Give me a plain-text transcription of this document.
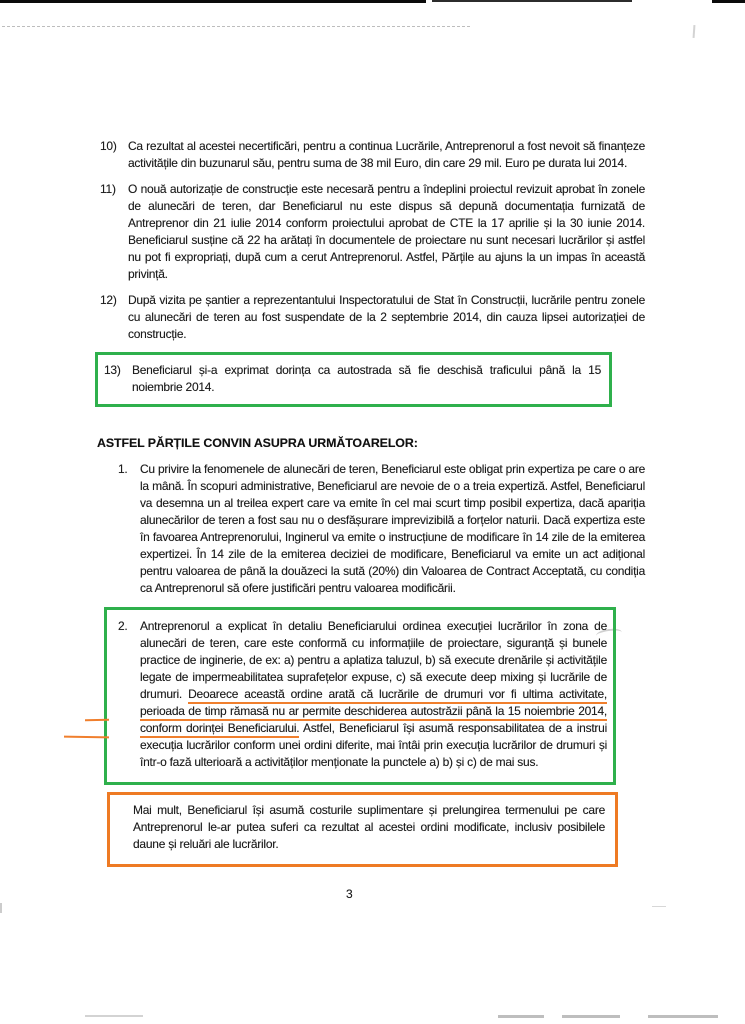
10) Ca rezultat al acestei necertificări, pentru a continua Lucrările, Antreprenorul a fost nevoit să finanțeze activitățile din buzunarul său, pentru suma de 38 mil Euro, din care 29 mil. Euro pe durata lui 2014.
11)	O nouă autorizație de construcție este necesară pentru a îndeplini proiectul revizuit aprobat în zonele de alunecări de teren, dar Beneficiarul nu este dispus să depună documentația furnizată de Antreprenor din 21 iulie 2014 conform proiectului aprobat de CTE la 17 aprilie și la 30 iunie 2014. Beneficiarul susține că 22 ha arătați în documentele de proiectare nu sunt necesari lucrărilor și astfel nu pot fi expropriați, după cum a cerut Antreprenorul. Astfel, Părțile au ajuns la un impas în această privință.
12) După vizita pe șantier a reprezentantului Inspectoratului de Stat în Construcții, lucrările pentru zonele cu alunecări de teren au fost suspendate de la 2 septembrie 2014, din cauza lipsei autorizației de construcție.
13) Beneficiarul și-a exprimat dorința ca autostrada să fie deschisă traficului până la 15 noiembrie 2014.
ASTFEL PĂRȚILE CONVIN ASUPRA URMĂTOARELOR:
1.	Cu privire la fenomenele de alunecări de teren, Beneficiarul este obligat prin expertiza pe care o are la mână. În scopuri administrative, Beneficiarul are nevoie de o a treia expertiză. Astfel, Beneficiarul va desemna un al treilea expert care va emite în cel mai scurt timp posibil expertiza, dacă apariția alunecărilor de teren a fost sau nu o desfășurare imprevizibilă a forțelor naturii. Dacă expertiza este în favoarea Antreprenorului, Inginerul va emite o instrucțiune de modificare în 14 zile de la emiterea expertizei. În 14 zile de la emiterea deciziei de modificare, Beneficiarul va emite un act adițional pentru valoarea de până la douăzeci la sută (20%) din Valoarea de Contract Acceptată, cu condiția ca Antreprenorul să ofere justificări pentru valoarea modificării.
2.	Antreprenorul a explicat în detaliu Beneficiarului ordinea execuției lucrărilor în zona de alunecări de teren, care este conformă cu informațiile de proiectare, siguranță și bunele practice de inginerie, de ex: a) pentru a aplatiza taluzul, b) să execute drenările și activitățile legate de impermeabilitatea suprafețelor expuse, c) să execute deep mixing și lucrările de drumuri. Deoarece această ordine arată că lucrările de drumuri vor fi ultima activitate, perioada de timp rămasă nu ar permite deschiderea autostrăzii până la 15 noiembrie 2014, conform dorinței Beneficiarului. Astfel, Beneficiarul își asumă responsabilitatea de a instrui execuția lucrărilor conform unei ordini diferite, mai întâi prin execuția lucrărilor de drumuri și într-o fază ulterioară a activităților menționate la punctele a) b) și c) de mai sus.
Mai mult, Beneficiarul își asumă costurile suplimentare și prelungirea termenului pe care Antreprenorul le-ar putea suferi ca rezultat al acestei ordini modificate, inclusiv posibilele daune și reluări ale lucrărilor.
3
